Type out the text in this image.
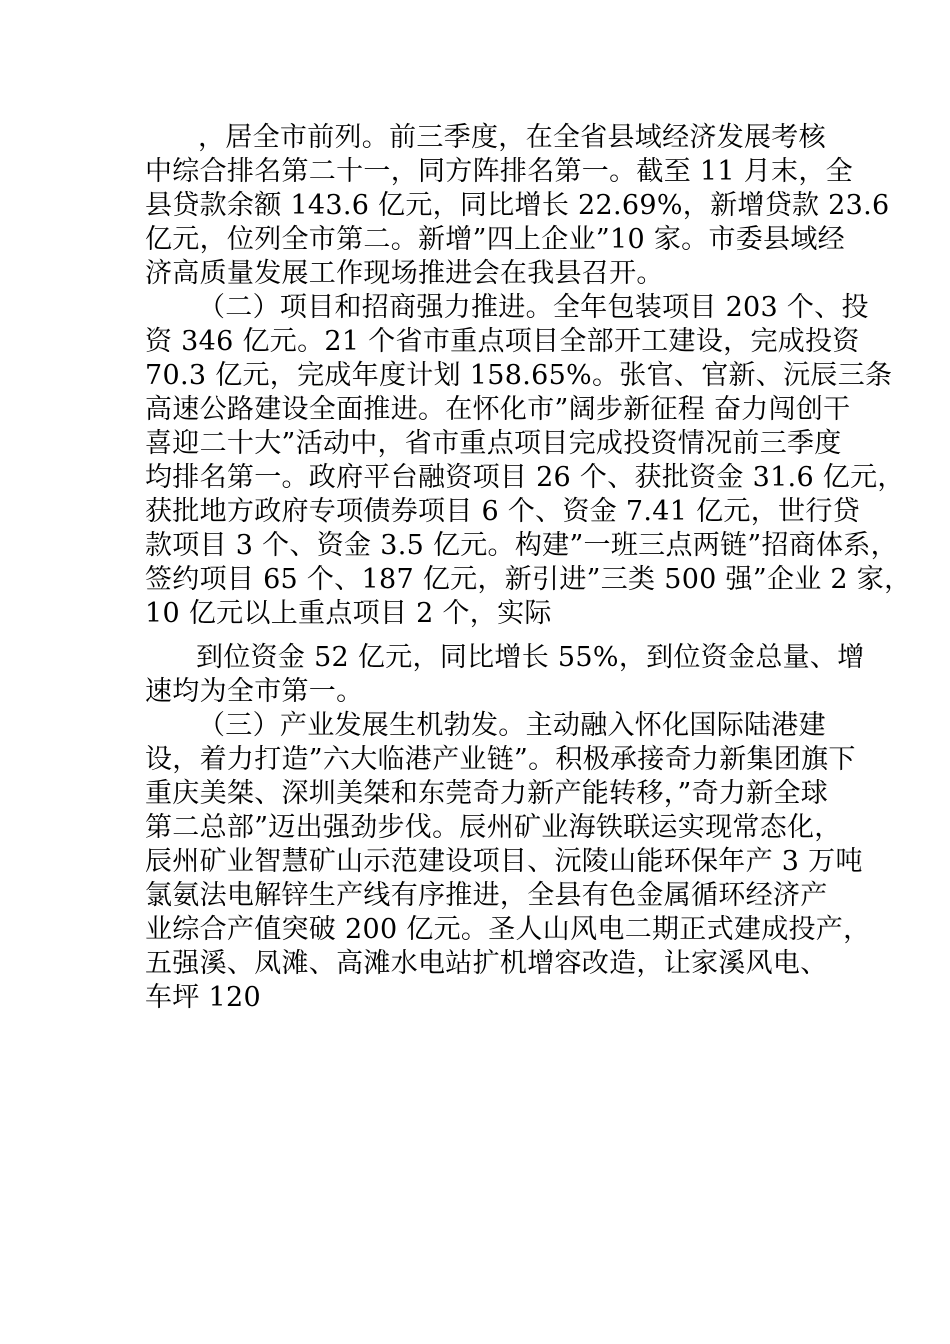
，居全市前列。前三季度，在全省县域经济发展考核
中综合排名第二十一，同方阵排名第一。截至 11 月末，全
县贷款余额 143.6 亿元，同比增长 22.69%，新增贷款 23.6
亿元，位列全市第二。新增”四上企业”10 家。市委县域经
济高质量发展工作现场推进会在我县召开。
（二）项目和招商强力推进。全年包装项目 203 个、投
资 346 亿元。21 个省市重点项目全部开工建设，完成投资
70.3 亿元，完成年度计划 158.65%。张官、官新、沅辰三条
高速公路建设全面推进。在怀化市”阔步新征程 奋力闯创干
喜迎二十大”活动中，省市重点项目完成投资情况前三季度
均排名第一。政府平台融资项目 26 个、获批资金 31.6 亿元，
获批地方政府专项债券项目 6 个、资金 7.41 亿元，世行贷
款项目 3 个、资金 3.5 亿元。构建”一班三点两链”招商体系，
签约项目 65 个、187 亿元，新引进”三类 500 强”企业 2 家，
10 亿元以上重点项目 2 个，实际
到位资金 52 亿元，同比增长 55%，到位资金总量、增
速均为全市第一。
（三）产业发展生机勃发。主动融入怀化国际陆港建
设，着力打造”六大临港产业链”。积极承接奇力新集团旗下
重庆美桀、深圳美桀和东莞奇力新产能转移，”奇力新全球
第二总部”迈出强劲步伐。辰州矿业海铁联运实现常态化，
辰州矿业智慧矿山示范建设项目、沅陵山能环保年产 3 万吨
氯氨法电解锌生产线有序推进，全县有色金属循环经济产
业综合产值突破 200 亿元。圣人山风电二期正式建成投产，
五强溪、凤滩、高滩水电站扩机增容改造，让家溪风电、
车坪 120
